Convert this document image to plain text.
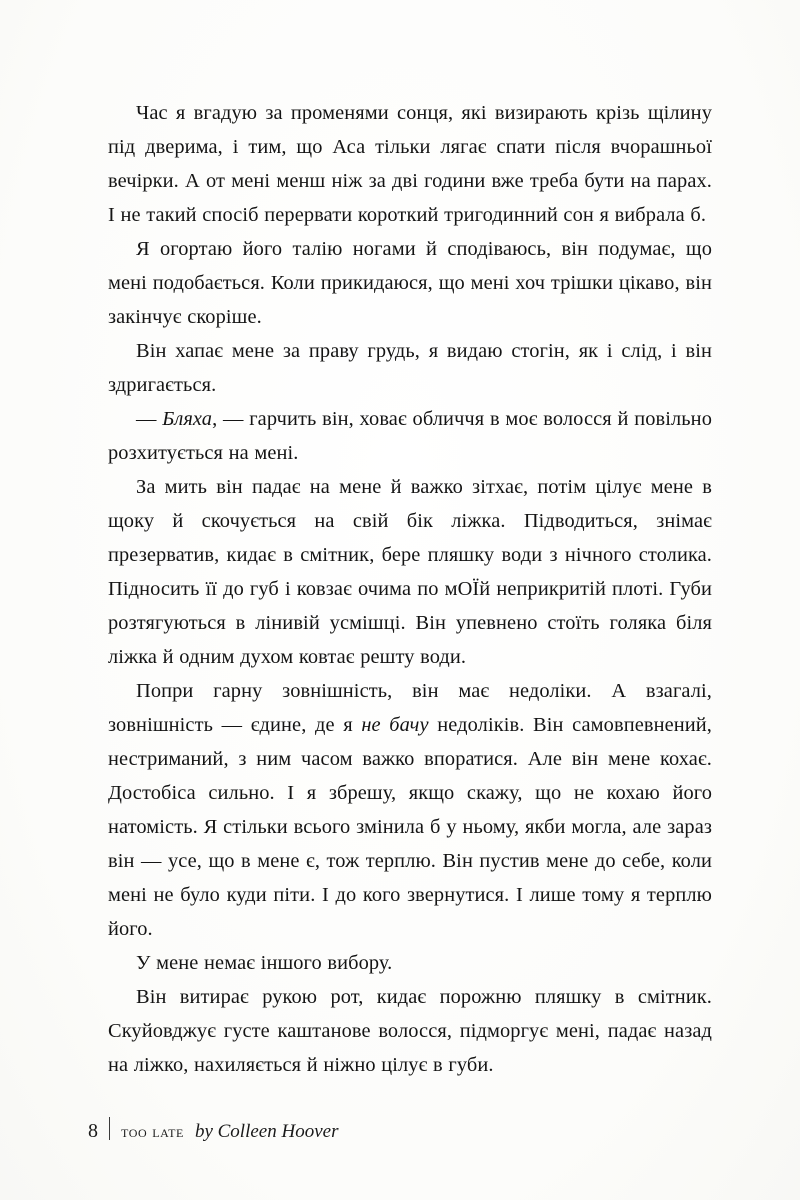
Час я вгадую за променями сонця, які визирають крізь щілину під дверима, і тим, що Аса тільки лягає спати після вчорашньої вечірки. А от мені менш ніж за дві години вже треба бути на парах. І не такий спосіб перервати короткий тригодинний сон я вибрала б.

Я огортаю його талію ногами й сподіваюсь, він подумає, що мені подобається. Коли прикидаюся, що мені хоч трішки цікаво, він закінчує скоріше.

Він хапає мене за праву грудь, я видаю стогін, як і слід, і він здригається.

— Бляха, — гарчить він, ховає обличчя в моє волосся й повільно розхитується на мені.

За мить він падає на мене й важко зітхає, потім цілує мене в щоку й скочується на свій бік ліжка. Підводиться, знімає презерватив, кидає в смітник, бере пляшку води з нічного столика. Підносить її до губ і ковзає очима по мОЇй неприкритій плоті. Губи розтягуються в лінивій усмішці. Він упевнено стоїть голяка біля ліжка й одним духом ковтає решту води.

Попри гарну зовнішність, він має недоліки. А взагалі, зовнішність — єдине, де я не бачу недоліків. Він самовпевнений, нестриманий, з ним часом важко впоратися. Але він мене кохає. Достобіса сильно. І я збрешу, якщо скажу, що не кохаю його натомість. Я стільки всього змінила б у ньому, якби могла, але зараз він — усе, що в мене є, тож терплю. Він пустив мене до себе, коли мені не було куди піти. І до кого звернутися. І лише тому я терплю його.

У мене немає іншого вибору.

Він витирає рукою рот, кидає порожню пляшку в смітник. Скуйовджує густе каштанове волосся, підморгує мені, падає назад на ліжко, нахиляється й ніжно цілує в губи.

8 too late by Colleen Hoover
